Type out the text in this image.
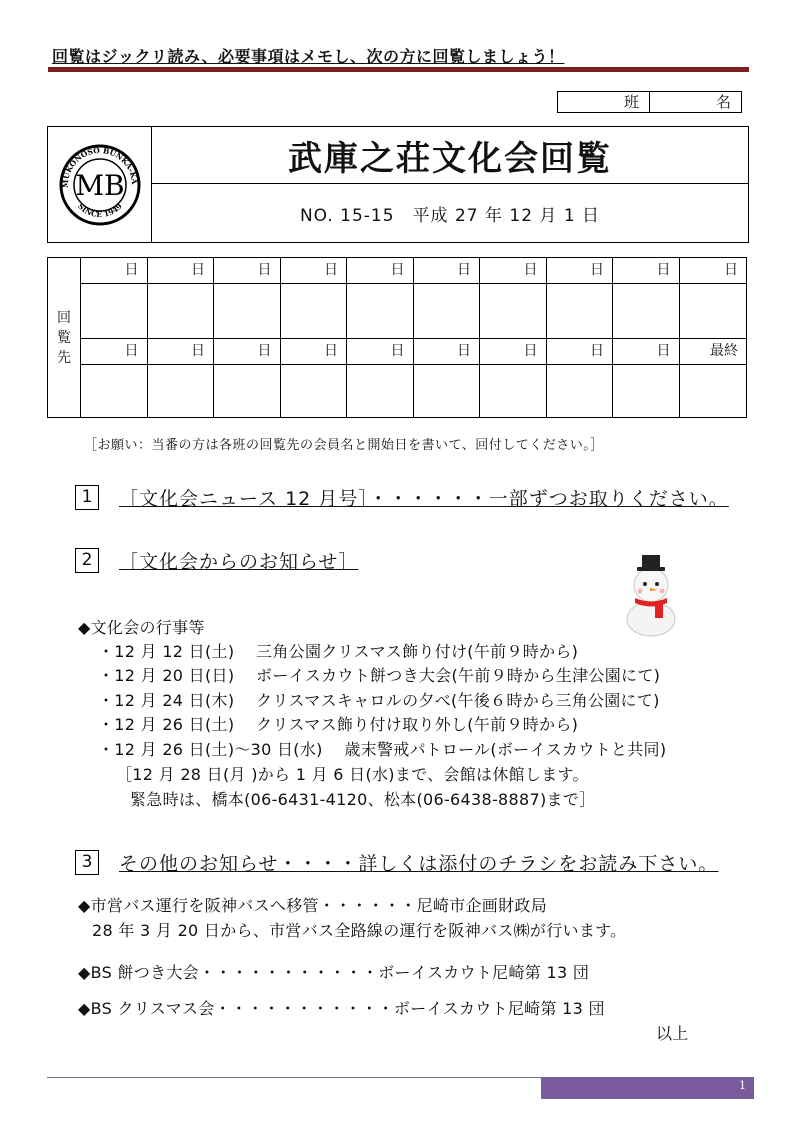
回覧はジックリ読み、必要事項はメモし、次の方に回覧しましょう！
班	名
MUKONOSO BUNKA-KA
SINCE 1949
MB
武庫之荘文化会回覧
NO. 15-15　平成 27 年 12 月 1 日
回
覧
先
日	日	日	日	日	日	日	日	日	日
日	日	日	日	日	日	日	日	日	最終
［お願い：当番の方は各班の回覧先の会員名と開始日を書いて、回付してください。］
1	［文化会ニュース 12 月号］・・・・・・一部ずつお取りください。
2	［文化会からのお知らせ］
◆文化会の行事等
・12 月 12 日(土)　 三角公園クリスマス飾り付け(午前９時から)
・12 月 20 日(日)　 ボーイスカウト餅つき大会(午前９時から生津公園にて)
・12 月 24 日(木)　 クリスマスキャロルの夕べ(午後６時から三角公園にて)
・12 月 26 日(土)　 クリスマス飾り付け取り外し(午前９時から)
・12 月 26 日(土)～30 日(水)　 歳末警戒パトロール(ボーイスカウトと共同)
［12 月 28 日(月 )から 1 月 6 日(水)まで、会館は休館します。
緊急時は、橋本(06-6431-4120、松本(06-6438-8887)まで］
3	その他のお知らせ・・・・詳しくは添付のチラシをお読み下さい。
◆市営バス運行を阪神バスへ移管・・・・・・尼崎市企画財政局
28 年 3 月 20 日から、市営バス全路線の運行を阪神バス㈱が行います。
◆BS 餅つき大会・・・・・・・・・・・ボーイスカウト尼崎第 13 団
◆BS クリスマス会・・・・・・・・・・・ボーイスカウト尼崎第 13 団
以上
1
